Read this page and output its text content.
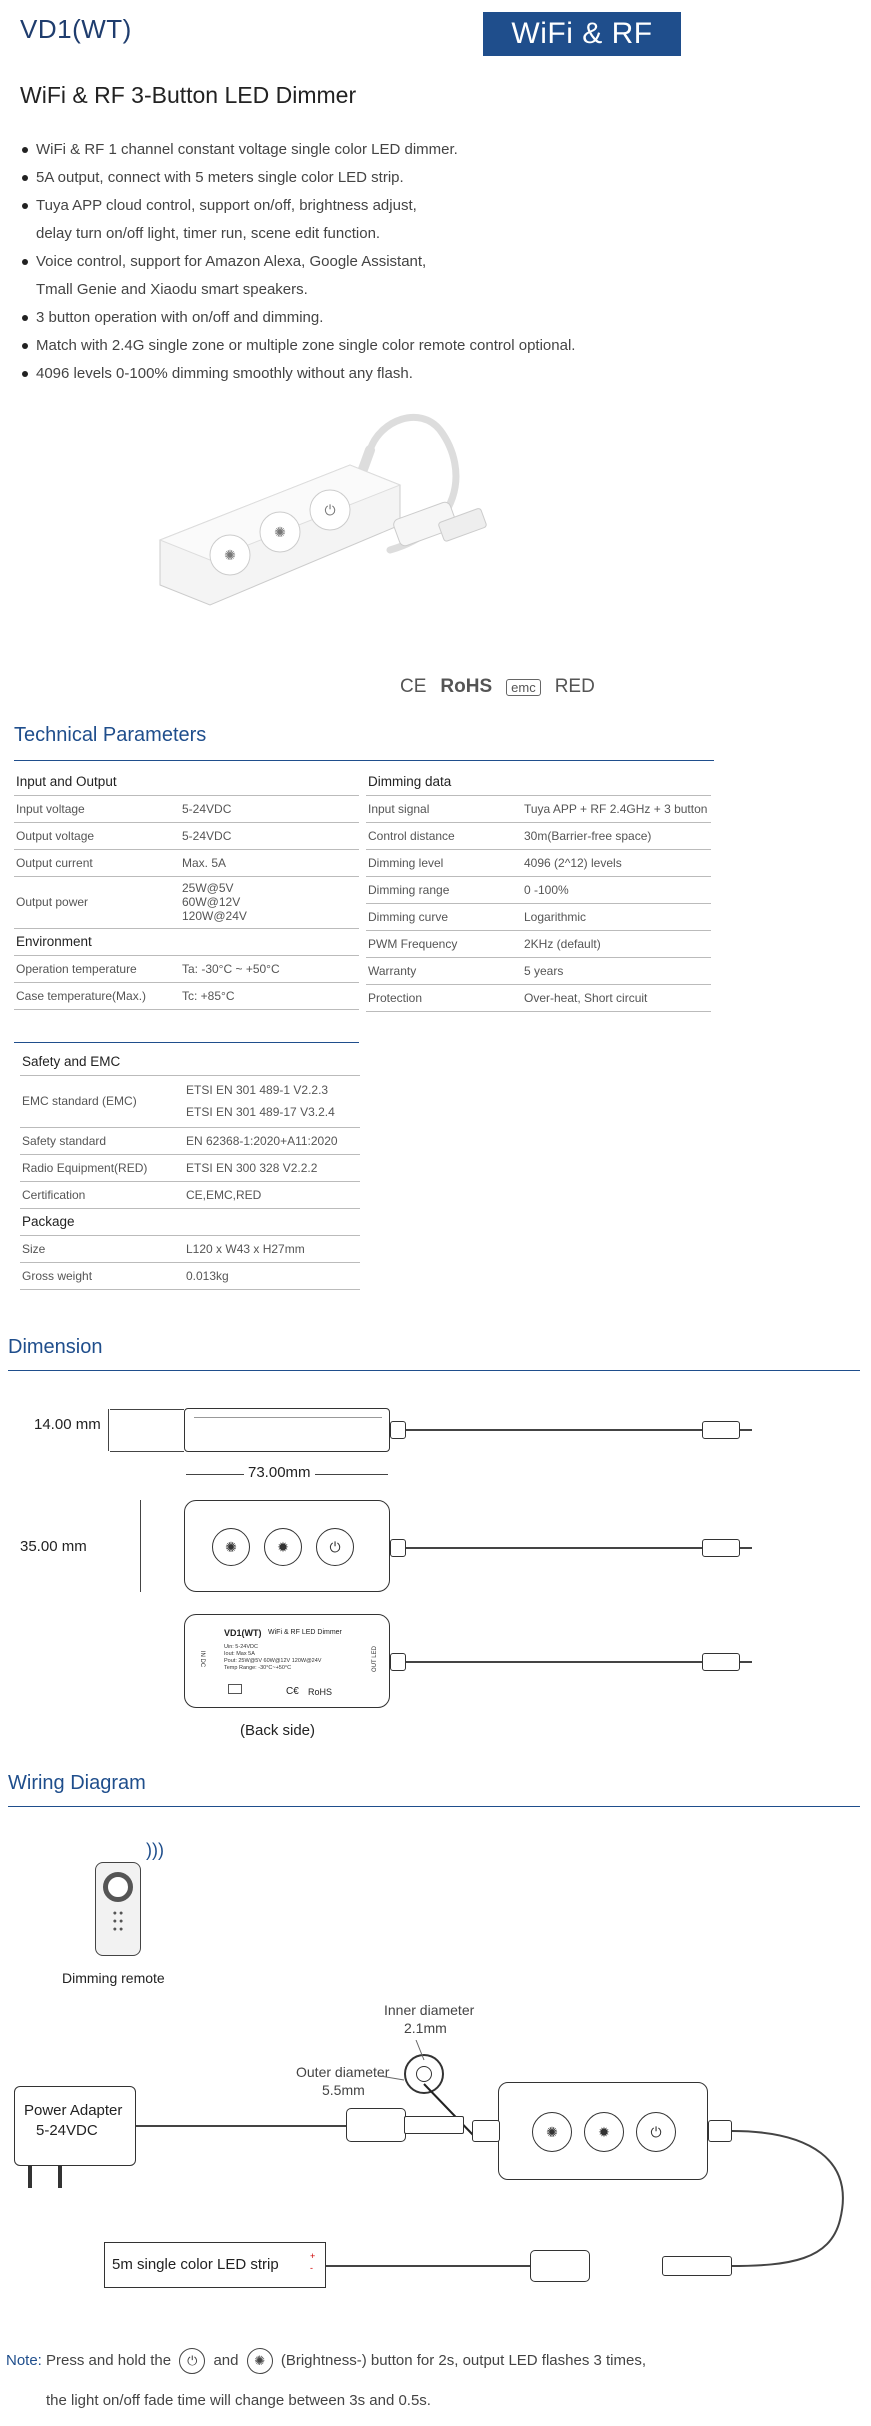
VD1(WT)	WiFi & RF
WiFi & RF 3-Button LED Dimmer
WiFi & RF 1 channel constant voltage single color LED dimmer.
5A output, connect with 5 meters single color LED strip.
Tuya APP cloud control, support on/off, brightness adjust,
delay turn on/off light, timer run, scene edit function.
Voice control, support for Amazon Alexa, Google Assistant,
Tmall Genie and Xiaodu smart speakers.
3 button operation with on/off and dimming.
Match with 2.4G single zone or multiple zone single color remote control optional.
4096 levels 0-100% dimming smoothly without any flash.
✺
✺
⏻
CE RoHS	emc RED
Technical Parameters
Input and Output	
Input voltage	5-24VDC
Output voltage	5-24VDC
Output current	Max. 5A
Output power	25W@5V
60W@12V
120W@24V

Environment	
Operation temperature	Ta: -30°C ~ +50°C
Case temperature(Max.)	Tc: +85°C
Dimming data	
Input signal	Tuya APP + RF 2.4GHz + 3 button
Control distance	30m(Barrier-free space)
Dimming level	4096 (2^12) levels
Dimming range	0 -100%
Dimming curve	Logarithmic
PWM Frequency	2KHz (default)
Warranty	5 years
Protection	Over-heat, Short circuit
Safety and EMC	
EMC standard (EMC)	ETSI EN 301 489-1 V2.2.3
ETSI EN 301 489-17 V3.2.4

Safety standard	EN 62368-1:2020+A11:2020
Radio Equipment(RED)	ETSI EN 300 328 V2.2.2
Certification	CE,EMC,RED
Package	
Size	L120 x W43 x H27mm
Gross weight	0.013kg
Dimension
14.00 mm
73.00mm
35.00 mm	✺	✹	⏻
VD1(WT) WiFi & RF LED Dimmer
Uin: 5-24VDC
Iout: Max 5A
Pout: 25W@5V 60W@12V 120W@24V
Temp Range: -30°C~+50°C
IN DC	OUT LED
C€ RoHS
(Back side)
Wiring Diagram
● ●
● ●
● ●
)))
Dimming remote
Inner diameter
2.1mm
Outer diameter
5.5mm
Power Adapter
5-24VDC	✺	✹	⏻
5m single color LED strip	+
-
Note: Press and hold the ⏻ and ✺ (Brightness-) button for 2s, output LED flashes 3 times,
the light on/off fade time will change between 3s and 0.5s.
